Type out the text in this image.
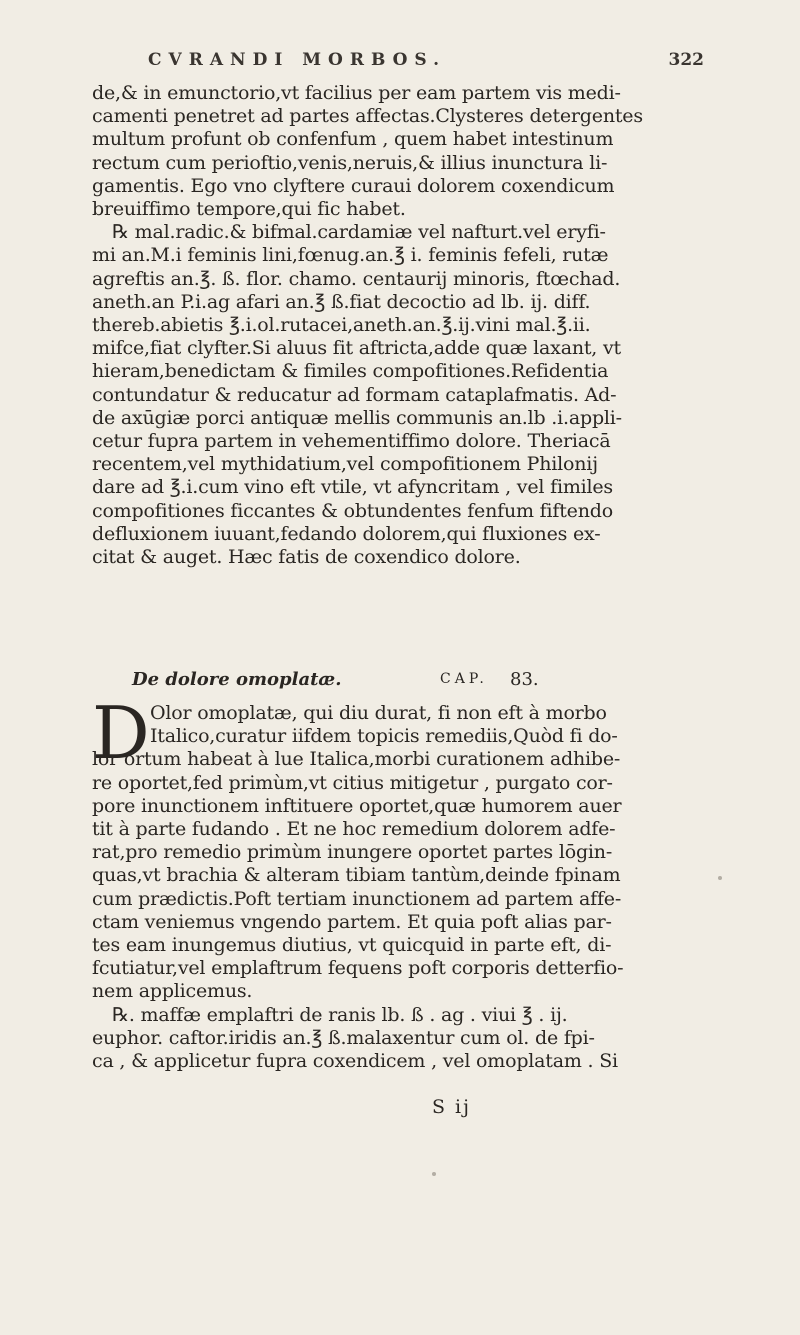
CVRANDI MORBOS.	322
de,& in emunctorio,vt facilius per eam partem vis medi-
camenti penetret ad partes affectas.Clysteres detergentes
multum profunt ob confenfum , quem habet intestinum
rectum cum perioftio,venis,neruis,& illius inunctura li-
gamentis. Ego vno clyftere curaui dolorem coxendicum
breuiffimo tempore,qui fic habet.
℞ mal.radic.& bifmal.cardamiæ vel nafturt.vel eryfi-
mi an.M.i feminis lini,fœnug.an.℥ i. feminis fefeli, rutæ
agreftis an.℥. ß. flor. chamo. centaurij minoris, ftœchad.
aneth.an P.i.ag afari an.℥ ß.fiat decoctio ad lb. ij. diff.
thereb.abietis ℥.i.ol.rutacei,aneth.an.℥.ij.vini mal.℥.ii.
mifce,fiat clyfter.Si aluus fit aftricta,adde quæ laxant, vt
hieram,benedictam & fimiles compofitiones.Refidentia
contundatur & reducatur ad formam cataplafmatis. Ad-
de axūgiæ porci antiquæ mellis communis an.lb .i.appli-
cetur fupra partem in vehementiffimo dolore. Theriacā
recentem,vel mythidatium,vel compofitionem Philonij
dare ad ℥.i.cum vino eft vtile, vt afyncritam , vel fimiles
compofitiones ficcantes & obtundentes fenfum fiftendo
defluxionem iuuant,fedando dolorem,qui fluxiones ex-
citat & auget. Hæc fatis de coxendico dolore.
De dolore omoplatæ.	CAP. 83.
D Olor omoplatæ, qui diu durat, fi non eft à morbo
Italico,curatur iifdem topicis remediis,Quòd fi do-
lor ortum habeat à lue Italica,morbi curationem adhibe-
re oportet,fed primùm,vt citius mitigetur , purgato cor-
pore inunctionem inftituere oportet,quæ humorem auer
tit à parte fudando . Et ne hoc remedium dolorem adfe-
rat,pro remedio primùm inungere oportet partes lōgin-
quas,vt brachia & alteram tibiam tantùm,deinde fpinam
cum prædictis.Poft tertiam inunctionem ad partem affe-
ctam veniemus vngendo partem. Et quia poft alias par-
tes eam inungemus diutius, vt quicquid in parte eft, di-
fcutiatur,vel emplaftrum fequens poft corporis detterfio-
nem applicemus.
℞. maffæ emplaftri de ranis lb. ß . ag . viui ℥ . ij.
euphor. caftor.iridis an.℥ ß.malaxentur cum ol. de fpi-
ca , & applicetur fupra coxendicem , vel omoplatam . Si
S ij
